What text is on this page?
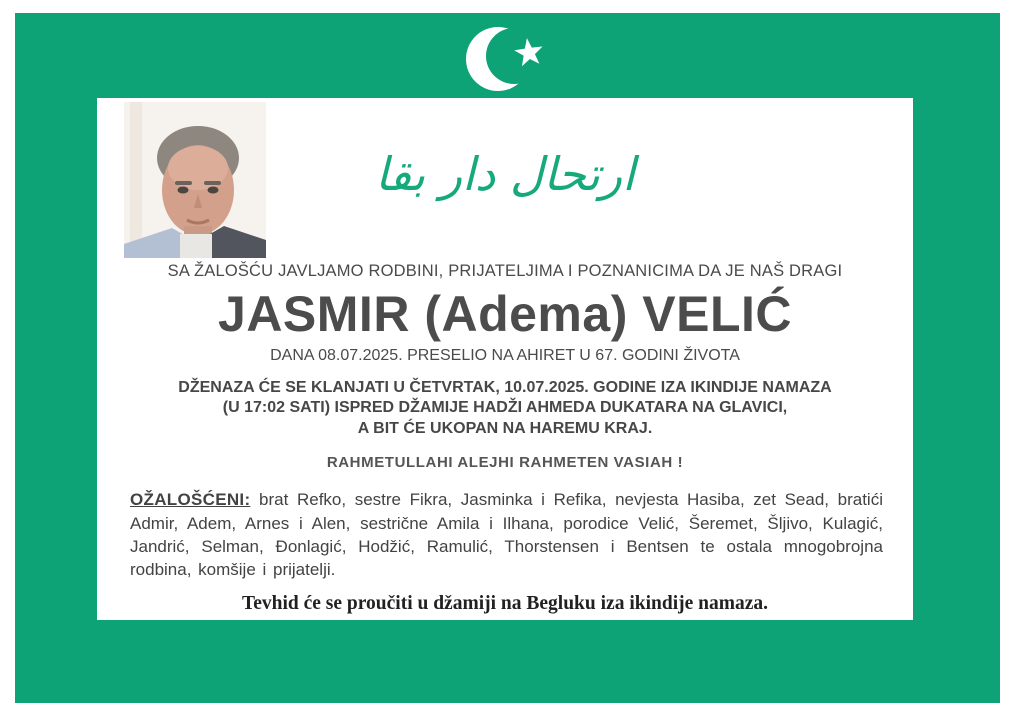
ارتحال دار بقا
SA ŽALOŠĆU JAVLJAMO RODBINI, PRIJATELJIMA I POZNANICIMA DA JE NAŠ DRAGI
JASMIR (Adema) VELIĆ
DANA 08.07.2025. PRESELIO NA AHIRET U 67. GODINI ŽIVOTA
DŽENAZA ĆE SE KLANJATI U ČETVRTAK, 10.07.2025. GODINE IZA IKINDIJE NAMAZA
(U 17:02 SATI) ISPRED DŽAMIJE HADŽI AHMEDA DUKATARA NA GLAVICI,
A BIT ĆE UKOPAN NA HAREMU KRAJ.
RAHMETULLAHI ALEJHI RAHMETEN VASIAH !

OŽALOŠĆENI: brat Refko, sestre Fikra, Jasminka i Refika, nevjesta Hasiba, zet Sead, bratići Admir, Adem, Arnes i Alen, sestrične Amila i Ilhana, porodice Velić, Šeremet, Šljivo, Kulagić, Jandrić, Selman, Đonlagić, Hodžić, Ramulić, Thorstensen i Bentsen te ostala mnogobrojna rodbina, komšije i prijatelji.

Tevhid će se proučiti u džamiji na Begluku iza ikindije namaza.
